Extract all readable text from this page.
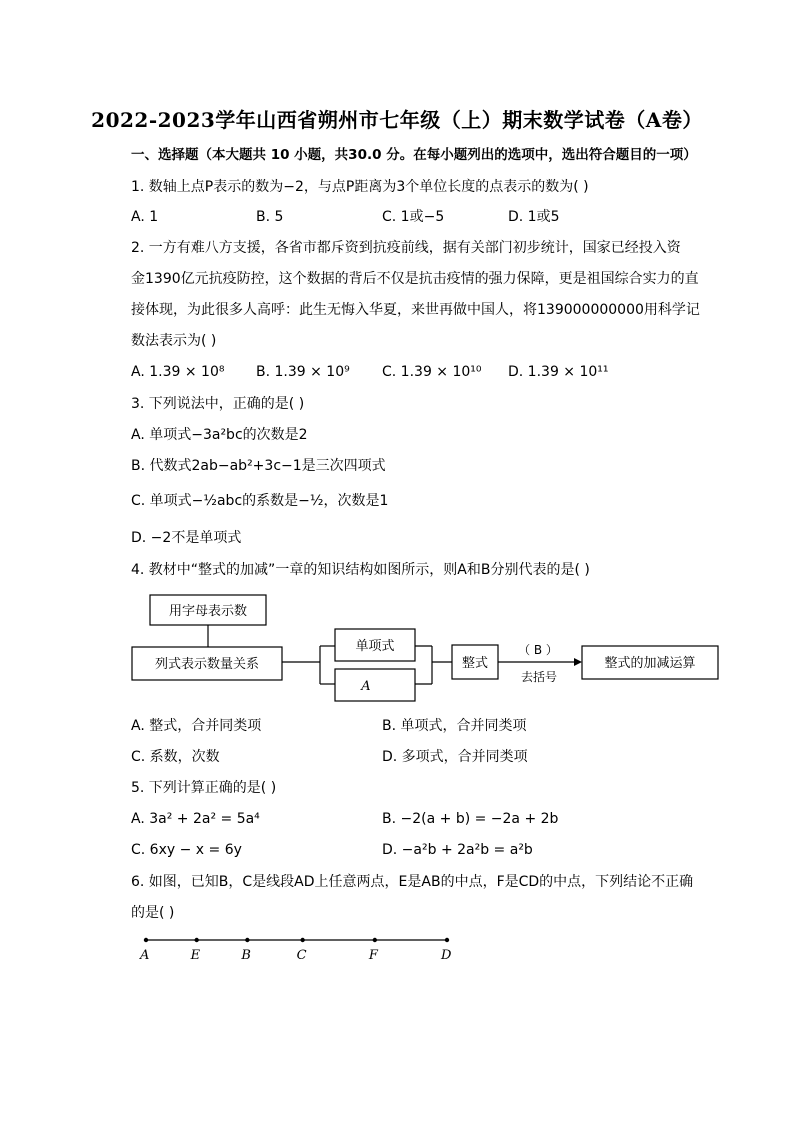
2022-2023学年山西省朔州市七年级（上）期末数学试卷（A卷）
一、选择题（本大题共 10 小题，共30.0 分。在每小题列出的选项中，选出符合题目的一项）
1. 数轴上点P表示的数为−2，与点P距离为3个单位长度的点表示的数为( )
A. 1	B. 5	C. 1或−5	D. 1或5
2. 一方有难八方支援，各省市都斥资到抗疫前线，据有关部门初步统计，国家已经投入资
金1390亿元抗疫防控，这个数据的背后不仅是抗击疫情的强力保障，更是祖国综合实力的直
接体现，为此很多人高呼：此生无悔入华夏，来世再做中国人，将139000000000用科学记
数法表示为( )
A. 1.39 × 10⁸ B. 1.39 × 10⁹ C. 1.39 × 10¹⁰ D. 1.39 × 10¹¹
3. 下列说法中，正确的是( )
A. 单项式−3a²bc的次数是2
B. 代数式2ab−ab²+3c−1是三次四项式
C. 单项式−½abc的系数是−½，次数是1
D. −2不是单项式
4. 教材中“整式的加减”一章的知识结构如图所示，则A和B分别代表的是( )
用字母表示数
列式表示数量关系
单项式
A
整式
（ B ）
去括号
整式的加减运算
A	E	B	C	F	D
A. 整式，合并同类项	B. 单项式，合并同类项
C. 系数，次数	D. 多项式，合并同类项
5. 下列计算正确的是( )
A. 3a² + 2a² = 5a⁴	B. −2(a + b) = −2a + 2b
C. 6xy − x = 6y	D. −a²b + 2a²b = a²b
6. 如图，已知B，C是线段AD上任意两点，E是AB的中点，F是CD的中点，下列结论不正确
的是( )
